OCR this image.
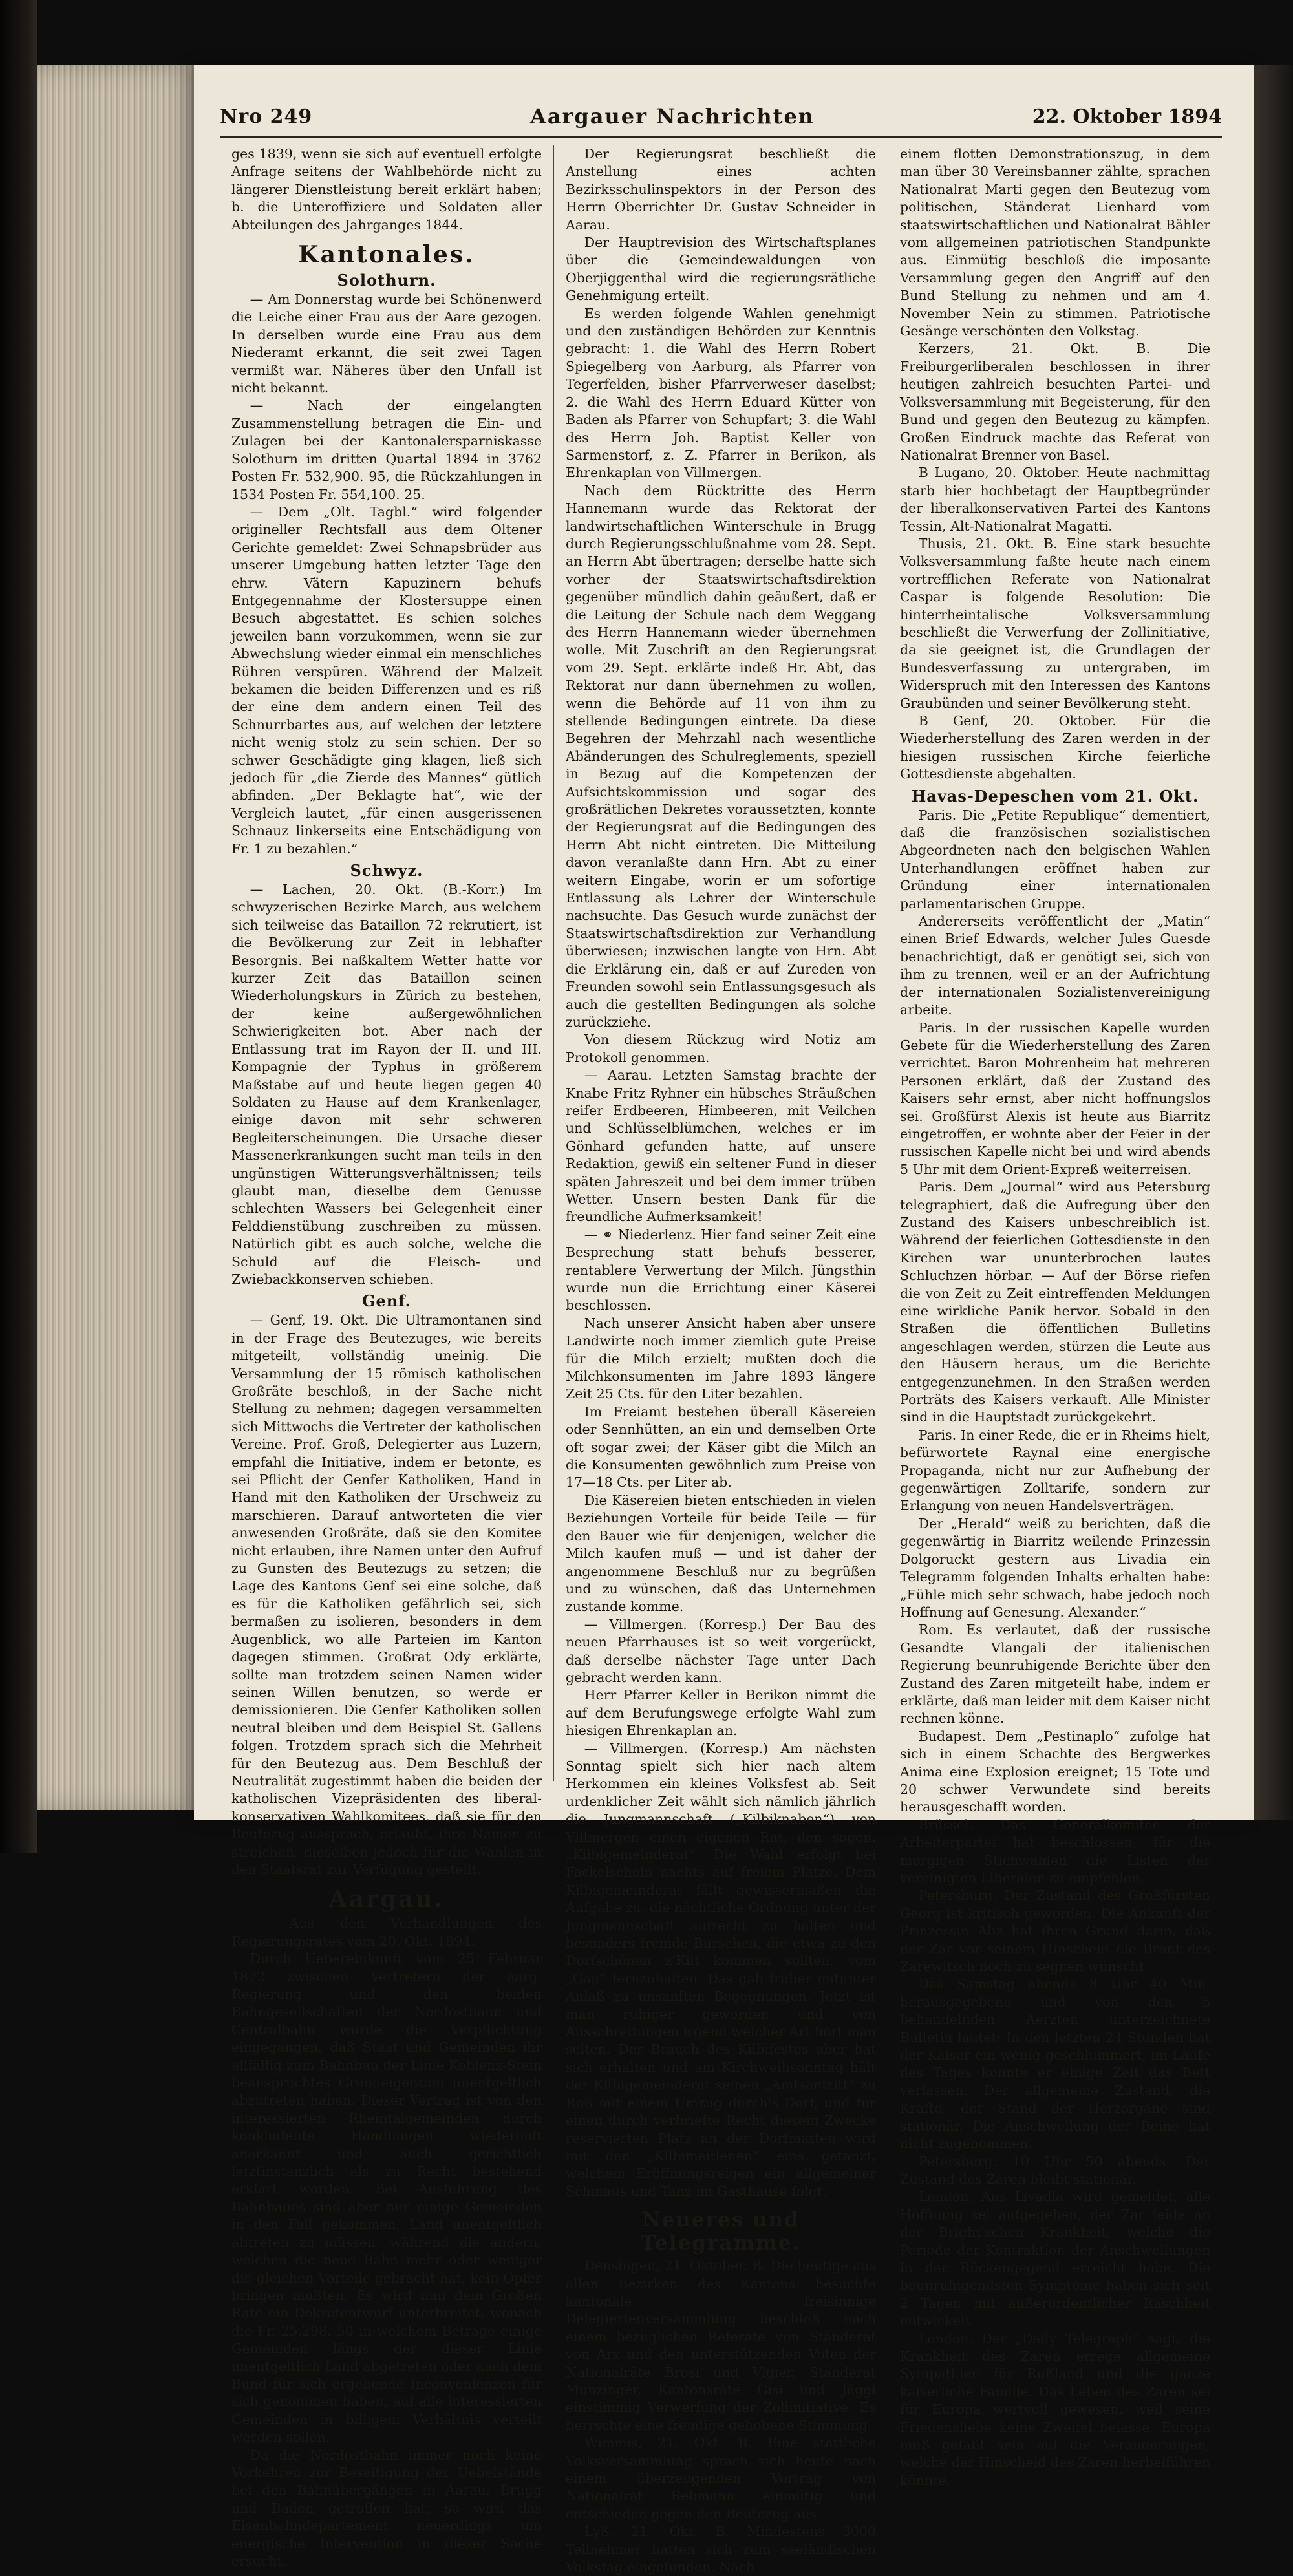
Nro 249	Aargauer Nachrichten	22. Oktober 1894

ges 1839, wenn sie sich auf eventuell erfolgte Anfrage seitens der Wahlbehörde nicht zu längerer Dienstleistung bereit erklärt haben; b. die Unteroffiziere und Soldaten aller Abteilungen des Jahrganges 1844.

Kantonales.
Solothurn.

— Am Donnerstag wurde bei Schönenwerd die Leiche einer Frau aus der Aare gezogen. In derselben wurde eine Frau aus dem Niederamt erkannt, die seit zwei Tagen vermißt war. Näheres über den Unfall ist nicht bekannt.

— Nach der eingelangten Zusammenstellung betragen die Ein- und Zulagen bei der Kantonalersparniskasse Solothurn im dritten Quartal 1894 in 3762 Posten Fr. 532,900. 95, die Rückzahlungen in 1534 Posten Fr. 554,100. 25.

— Dem „Olt. Tagbl.“ wird folgender origineller Rechtsfall aus dem Oltener Gerichte gemeldet: Zwei Schnapsbrüder aus unserer Umgebung hatten letzter Tage den ehrw. Vätern Kapuzinern behufs Entgegennahme der Klostersuppe einen Besuch abgestattet. Es schien solches jeweilen bann vorzukommen, wenn sie zur Abwechslung wieder einmal ein menschliches Rühren verspüren. Während der Malzeit bekamen die beiden Differenzen und es riß der eine dem andern einen Teil des Schnurrbartes aus, auf welchen der letztere nicht wenig stolz zu sein schien. Der so schwer Geschädigte ging klagen, ließ sich jedoch für „die Zierde des Mannes“ gütlich abfinden. „Der Beklagte hat“, wie der Vergleich lautet, „für einen ausgerissenen Schnauz linkerseits eine Entschädigung von Fr. 1 zu bezahlen.“

Schwyz.

— Lachen, 20. Okt. (B.-Korr.) Im schwyzerischen Bezirke March, aus welchem sich teilweise das Bataillon 72 rekrutiert, ist die Bevölkerung zur Zeit in lebhafter Besorgnis. Bei naßkaltem Wetter hatte vor kurzer Zeit das Bataillon seinen Wiederholungskurs in Zürich zu bestehen, der keine außergewöhnlichen Schwierigkeiten bot. Aber nach der Entlassung trat im Rayon der II. und III. Kompagnie der Typhus in größerem Maßstabe auf und heute liegen gegen 40 Soldaten zu Hause auf dem Krankenlager, einige davon mit sehr schweren Begleiterscheinungen. Die Ursache dieser Massenerkrankungen sucht man teils in den ungünstigen Witterungsverhältnissen; teils glaubt man, dieselbe dem Genusse schlechten Wassers bei Gelegenheit einer Felddienstübung zuschreiben zu müssen. Natürlich gibt es auch solche, welche die Schuld auf die Fleisch- und Zwiebackkonserven schieben.

Genf.

— Genf, 19. Okt. Die Ultramontanen sind in der Frage des Beutezuges, wie bereits mitgeteilt, vollständig uneinig. Die Versammlung der 15 römisch katholischen Großräte beschloß, in der Sache nicht Stellung zu nehmen; dagegen versammelten sich Mittwochs die Vertreter der katholischen Vereine. Prof. Groß, Delegierter aus Luzern, empfahl die Initiative, indem er betonte, es sei Pflicht der Genfer Katholiken, Hand in Hand mit den Katholiken der Urschweiz zu marschieren. Darauf antworteten die vier anwesenden Großräte, daß sie den Komitee nicht erlauben, ihre Namen unter den Aufruf zu Gunsten des Beutezugs zu setzen; die Lage des Kantons Genf sei eine solche, daß es für die Katholiken gefährlich sei, sich bermaßen zu isolieren, besonders in dem Augenblick, wo alle Parteien im Kanton dagegen stimmen. Großrat Ody erklärte, sollte man trotzdem seinen Namen wider seinen Willen benutzen, so werde er demissionieren. Die Genfer Katholiken sollen neutral bleiben und dem Beispiel St. Gallens folgen. Trotzdem sprach sich die Mehrheit für den Beutezug aus. Dem Beschluß der Neutralität zugestimmt haben die beiden der katholischen Vizepräsidenten des liberal-konservativen Wahlkomitees, daß sie für den Beutezug aussprach, erlaubt, ihre Namen zu streichen, dieselben jedoch für die Wahlen in den Staatsrat zur Verfügung gestellt.

Aargau.

— Aus den Verhandlungen des Regierungsrates vom 20. Okt. 1894.

Durch Uebereinkunft vom 25 Februar 1872 zwischen Vertretern der aarg. Regierung und den beiden Bahngesellschaften der Nordostbahn und Centralbahn wurde die Verpflichtung eingegangen, daß Staat und Gemeinden ihr allfällig zum Bahnbau der Linie Koblenz-Stein beanspruchtes Grundeigentum unentgeltlich abzutreten haben. Dieser Vertrag ist von den interessierten Rheintalgemeinden durch konkludente Handlungen wiederholt anerkannt und auch gerichtlich letztinstanzlich als zu Recht bestehend erklärt worden. Bei Ausführung des Bahnbaues sind aber nur einige Gemeinden in den Fall gekommen, Land unentgeltlich abtreten zu müssen, während die andern, welchen die neue Bahn mehr oder weniger die gleichen Vorteile gebracht hat, kein Opfer bringen mußten. Es wird nun dem Großen Rate ein Dekretentwurf unterbreitet, wonach die Fr. 25,298. 50 in welchem Betrage einige Gemeinden längs der dieser Linie unentgeltlich Land abgetreten oder auch dem Bund für sich ergebende Inconvenienzen für sich genommen haben, auf alle interessierten Gemeinden in billigem Verhältnis verteilt werden sollen.

Da die Nordostbahn immer noch keine Vorkehren zur Beseitigung der Uebelstände bei den Bahnübergängen in Aarau, Brugg und Baden getroffen hat, so wird das Eisenbahndepartement neuerdings um energische Intervention in dieser Sache ersucht.

Der Regierungsrat beschließt die Anstellung eines achten Bezirksschulinspektors in der Person des Herrn Oberrichter Dr. Gustav Schneider in Aarau.

Der Hauptrevision des Wirtschaftsplanes über die Gemeindewaldungen von Oberjiggenthal wird die regierungsrätliche Genehmigung erteilt.

Es werden folgende Wahlen genehmigt und den zuständigen Behörden zur Kenntnis gebracht: 1. die Wahl des Herrn Robert Spiegelberg von Aarburg, als Pfarrer von Tegerfelden, bisher Pfarrverweser daselbst; 2. die Wahl des Herrn Eduard Kütter von Baden als Pfarrer von Schupfart; 3. die Wahl des Herrn Joh. Baptist Keller von Sarmenstorf, z. Z. Pfarrer in Berikon, als Ehrenkaplan von Villmergen.

Nach dem Rücktritte des Herrn Hannemann wurde das Rektorat der landwirtschaftlichen Winterschule in Brugg durch Regierungsschlußnahme vom 28. Sept. an Herrn Abt übertragen; derselbe hatte sich vorher der Staatswirtschaftsdirektion gegenüber mündlich dahin geäußert, daß er die Leitung der Schule nach dem Weggang des Herrn Hannemann wieder übernehmen wolle. Mit Zuschrift an den Regierungsrat vom 29. Sept. erklärte indeß Hr. Abt, das Rektorat nur dann übernehmen zu wollen, wenn die Behörde auf 11 von ihm zu stellende Bedingungen eintrete. Da diese Begehren der Mehrzahl nach wesentliche Abänderungen des Schulreglements, speziell in Bezug auf die Kompetenzen der Aufsichtskommission und sogar des großrätlichen Dekretes voraussetzten, konnte der Regierungsrat auf die Bedingungen des Herrn Abt nicht eintreten. Die Mitteilung davon veranlaßte dann Hrn. Abt zu einer weitern Eingabe, worin er um sofortige Entlassung als Lehrer der Winterschule nachsuchte. Das Gesuch wurde zunächst der Staatswirtschaftsdirektion zur Verhandlung überwiesen; inzwischen langte von Hrn. Abt die Erklärung ein, daß er auf Zureden von Freunden sowohl sein Entlassungsgesuch als auch die gestellten Bedingungen als solche zurückziehe.

Von diesem Rückzug wird Notiz am Protokoll genommen.

— Aarau. Letzten Samstag brachte der Knabe Fritz Ryhner ein hübsches Sträußchen reifer Erdbeeren, Himbeeren, mit Veilchen und Schlüsselblümchen, welches er im Gönhard gefunden hatte, auf unsere Redaktion, gewiß ein seltener Fund in dieser späten Jahreszeit und bei dem immer trüben Wetter. Unsern besten Dank für die freundliche Aufmerksamkeit!

— ⚭ Niederlenz. Hier fand seiner Zeit eine Besprechung statt behufs besserer, rentablere Verwertung der Milch. Jüngsthin wurde nun die Errichtung einer Käserei beschlossen.

Nach unserer Ansicht haben aber unsere Landwirte noch immer ziemlich gute Preise für die Milch erzielt; mußten doch die Milchkonsumenten im Jahre 1893 längere Zeit 25 Cts. für den Liter bezahlen.

Im Freiamt bestehen überall Käsereien oder Sennhütten, an ein und demselben Orte oft sogar zwei; der Käser gibt die Milch an die Konsumenten gewöhnlich zum Preise von 17—18 Cts. per Liter ab.

Die Käsereien bieten entschieden in vielen Beziehungen Vorteile für beide Teile — für den Bauer wie für denjenigen, welcher die Milch kaufen muß — und ist daher der angenommene Beschluß nur zu begrüßen und zu wünschen, daß das Unternehmen zustande komme.

— Villmergen. (Korresp.) Der Bau des neuen Pfarrhauses ist so weit vorgerückt, daß derselbe nächster Tage unter Dach gebracht werden kann.

Herr Pfarrer Keller in Berikon nimmt die auf dem Berufungswege erfolgte Wahl zum hiesigen Ehrenkaplan an.

— Villmergen. (Korresp.) Am nächsten Sonntag spielt sich hier nach altem Herkommen ein kleines Volksfest ab. Seit urdenklicher Zeit wählt sich nämlich jährlich die Jungmannschaft („Kilbiknaben“) von Villmergen einen eigenen Rat, den sogen. „Kilbigemeinderat“. Die Wahl erfolgt bei Fackelschein nachts auf freiem Platze. Dem Kilbigemeinderat fällt gewissermaßen die Aufgabe zu, die nächtliche Ordnung unter der Jungmannschaft aufrecht zu halten und besonders fremde Burschen, die etwa zu den Dorfschönen z'Kilt kommen sollten, vom „Gäu“ fernzuhalten. Das gab früher mitunter Anlaß zu unsanften Begegnungen. Jetzt ist man ruhiger geworden und von Ausschreitungen irgend welcher Art hört man selten. Der Brauch des Kilbifestes aber hat sich erhalten und am Kirchweihsonntag hält der Kilbigemeinderat seinen „Amtsantritt“ zu Roß mit einem Umzug durch's Dorf, und für einen durch verbriefte Recht diesem Zwecke reservierten Platz an der Dorfmatten wird mit den „Kilbimeitlenen“ eins getanzt, welchem Eröffnungsreigen ein allgemeiner Schmaus und Tanz im Gasthause folgt.

Neueres und Telegramme.

Densingen, 21. Oktober. B. Die heutige aus allen Bezirken des Kantons besuchte kantonale freisinnige Delegiertenversammlung beschloß nach einem bezüglichen Referate von Ständerat von Arx und den unterstützenden Voten der Nationalräte Brosi und Vigier, Ständerat Munzinger, Kantonsräte Gisi und Jäggi einstimmig Verwerfung der Zollinitiative. Es herrschte eine freudige gehobene Stimmung.

Wimmis, 21. Okt. B. Eine stattliche Volksversammlung sprach sich heute nach einem überzeugenden Vortrag von Nationalrat Rebmann einmütig und entschieden gegen den Beutezug aus.

Lyß, 21. Okt. B. Mindestens 3000 Teilnehmer hatten sich zum seeländischen Volkstag eingefunden. Nach

einem flotten Demonstrationszug, in dem man über 30 Vereinsbanner zählte, sprachen Nationalrat Marti gegen den Beutezug vom politischen, Ständerat Lienhard vom staatswirtschaftlichen und Nationalrat Bähler vom allgemeinen patriotischen Standpunkte aus. Einmütig beschloß die imposante Versammlung gegen den Angriff auf den Bund Stellung zu nehmen und am 4. November Nein zu stimmen. Patriotische Gesänge verschönten den Volkstag.

Kerzers, 21. Okt. B. Die Freiburgerliberalen beschlossen in ihrer heutigen zahlreich besuchten Partei- und Volksversammlung mit Begeisterung, für den Bund und gegen den Beutezug zu kämpfen. Großen Eindruck machte das Referat von Nationalrat Brenner von Basel.

B Lugano, 20. Oktober. Heute nachmittag starb hier hochbetagt der Hauptbegründer der liberalkonservativen Partei des Kantons Tessin, Alt-Nationalrat Magatti.

Thusis, 21. Okt. B. Eine stark besuchte Volksversammlung faßte heute nach einem vortrefflichen Referate von Nationalrat Caspar is folgende Resolution: Die hinterrheintalische Volksversammlung beschließt die Verwerfung der Zollinitiative, da sie geeignet ist, die Grundlagen der Bundesverfassung zu untergraben, im Widerspruch mit den Interessen des Kantons Graubünden und seiner Bevölkerung steht.

B Genf, 20. Oktober. Für die Wiederherstellung des Zaren werden in der hiesigen russischen Kirche feierliche Gottesdienste abgehalten.

Havas-Depeschen vom 21. Okt.

Paris. Die „Petite Republique“ dementiert, daß die französischen sozialistischen Abgeordneten nach den belgischen Wahlen Unterhandlungen eröffnet haben zur Gründung einer internationalen parlamentarischen Gruppe.

Andererseits veröffentlicht der „Matin“ einen Brief Edwards, welcher Jules Guesde benachrichtigt, daß er genötigt sei, sich von ihm zu trennen, weil er an der Aufrichtung der internationalen Sozialistenvereinigung arbeite.

Paris. In der russischen Kapelle wurden Gebete für die Wiederherstellung des Zaren verrichtet. Baron Mohrenheim hat mehreren Personen erklärt, daß der Zustand des Kaisers sehr ernst, aber nicht hoffnungslos sei. Großfürst Alexis ist heute aus Biarritz eingetroffen, er wohnte aber der Feier in der russischen Kapelle nicht bei und wird abends 5 Uhr mit dem Orient-Expreß weiterreisen.

Paris. Dem „Journal“ wird aus Petersburg telegraphiert, daß die Aufregung über den Zustand des Kaisers unbeschreiblich ist. Während der feierlichen Gottesdienste in den Kirchen war ununterbrochen lautes Schluchzen hörbar. — Auf der Börse riefen die von Zeit zu Zeit eintreffenden Meldungen eine wirkliche Panik hervor. Sobald in den Straßen die öffentlichen Bulletins angeschlagen werden, stürzen die Leute aus den Häusern heraus, um die Berichte entgegenzunehmen. In den Straßen werden Porträts des Kaisers verkauft. Alle Minister sind in die Hauptstadt zurückgekehrt.

Paris. In einer Rede, die er in Rheims hielt, befürwortete Raynal eine energische Propaganda, nicht nur zur Aufhebung der gegenwärtigen Zolltarife, sondern zur Erlangung von neuen Handelsverträgen.

Der „Herald“ weiß zu berichten, daß die gegenwärtig in Biarritz weilende Prinzessin Dolgoruckt gestern aus Livadia ein Telegramm folgenden Inhalts erhalten habe: „Fühle mich sehr schwach, habe jedoch noch Hoffnung auf Genesung. Alexander.“

Rom. Es verlautet, daß der russische Gesandte Vlangali der italienischen Regierung beunruhigende Berichte über den Zustand des Zaren mitgeteilt habe, indem er erklärte, daß man leider mit dem Kaiser nicht rechnen könne.

Budapest. Dem „Pestinaplo“ zufolge hat sich in einem Schachte des Bergwerkes Anima eine Explosion ereignet; 15 Tote und 20 schwer Verwundete sind bereits herausgeschafft worden.

Brüssel. Das Generalkomitee der Arbeiterpartei hat beschlossen, für die morgigen Stichwahlen die Listen der vereinigten Liberalen zu empfehlen.

Petersburg. Der Zustand des Großfürsten Georg ist kritisch geworden. Die Ankunft der Prinzessin Aliz hat ihren Grund darin, daß der Zar vor seinem Hinscheid die Braut des Zarewitsch noch zu segnen wünscht.

Das Samstag abends 8 Uhr 40 Min. herausgegebene und von den 5 behandelnden Aerzten unterzeichnete Bulletin lautet: In den letzten 24 Stunden hat der Kaiser ein wenig geschlummert, im Laufe des Tages konnte er einige Zeit das Bett verlassen. Der allgemeine Zustand, die Kräfte, der Stand der Herzorgane sind stationär. Die Anschwellung der Beine hat nicht zugenommen.

Petersburg. 10 Uhr 50 abends. Der Zustand des Zaren bleibt stationär.

London. Aus Livadia wird gemeldet, alle Hoffnung sei aufgegeben, der Zar leide an der Bright'schen Krankheit, welche die Periode der Kontraktion der Anschwellungen in der Rückengegend erreicht habe. Die beunruhigendsten Symptome haben sich seit 2 Tagen mit außerordentlicher Raschheit entwickelt.

London. Der „Daily Telegraph“ sagt, die Krankheit des Zaren errege allgemeine Sympathien für Rußland und die ganze kaiserliche Familie. Das Leben des Zaren sei für Europa wertvoll gewesen, weil seine Friedensliebe keine Zweifel belasse. Europa muß gefaßt sein auf die Veränderungen, welche der Hinscheid des Zaren herbeiführen könnte.
